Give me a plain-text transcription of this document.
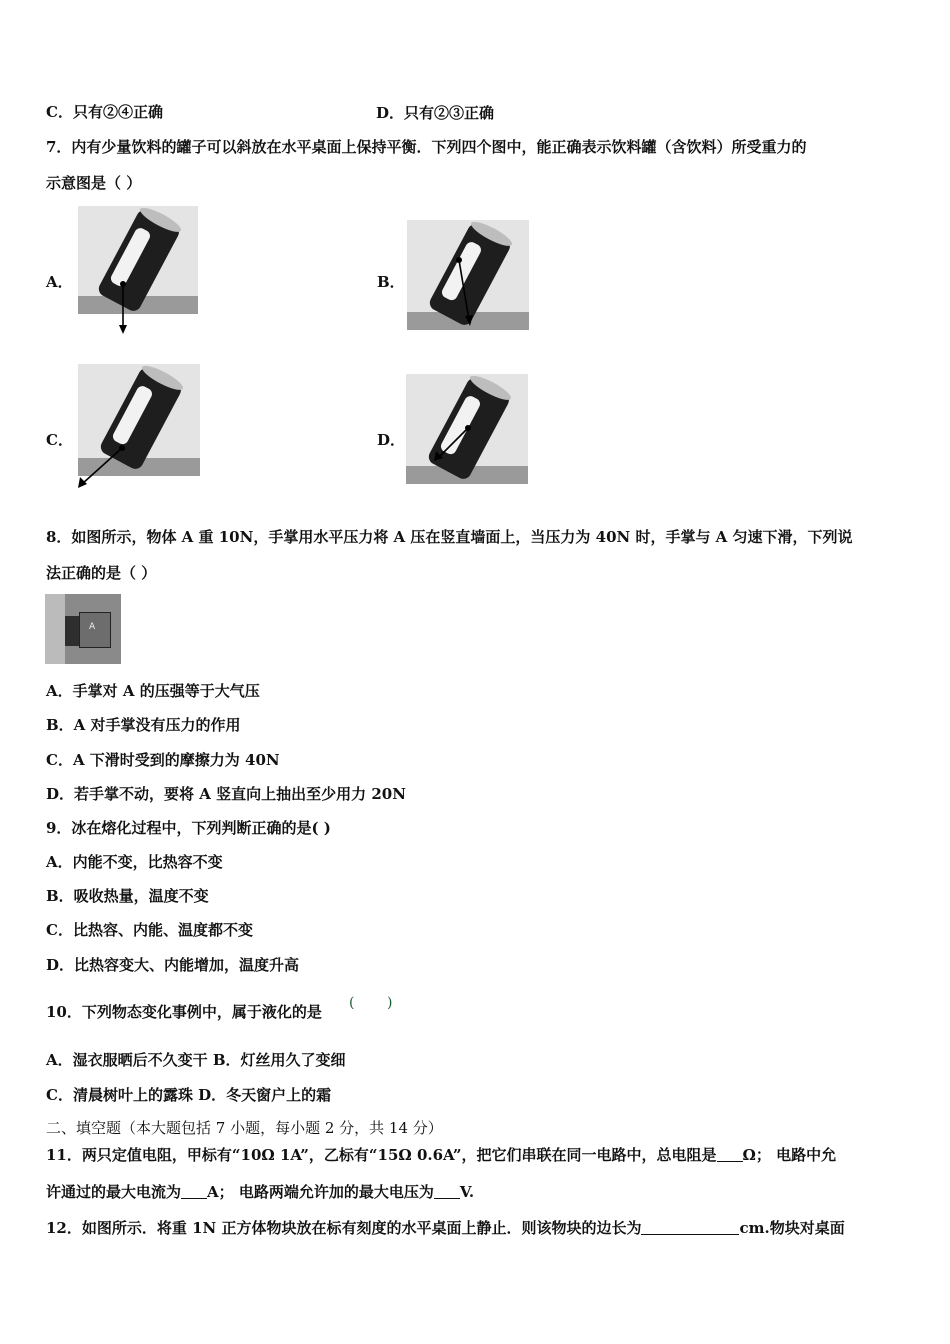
C．只有②④正确	D．只有②③正确
7．内有少量饮料的罐子可以斜放在水平桌面上保持平衡．下列四个图中，能正确表示饮料罐（含饮料）所受重力的
示意图是（ ）
A．	B．
C．	D．
8．如图所示，物体 A 重 10N，手掌用水平压力将 A 压在竖直墙面上，当压力为 40N 时，手掌与 A 匀速下滑，下列说
法正确的是（ ）
A
A．手掌对 A 的压强等于大气压
B．A 对手掌没有压力的作用
C．A 下滑时受到的摩擦力为 40N
D．若手掌不动，要将 A 竖直向上抽出至少用力 20N
9．冰在熔化过程中，下列判断正确的是( )
A．内能不变，比热容不变
B．吸收热量，温度不变
C．比热容、内能、温度都不变
D．比热容变大、内能增加，温度升高
10．下列物态变化事例中，属于液化的是 ( )
A．湿衣服晒后不久变干 B．灯丝用久了变细
C．清晨树叶上的露珠 D．冬天窗户上的霜
二、填空题（本大题包括 7 小题，每小题 2 分，共 14 分）
11．两只定值电阻，甲标有“10Ω 1A”，乙标有“15Ω 0.6A”，把它们串联在同一电路中，总电阻是 Ω； 电路中允
许通过的最大电流为 A； 电路两端允许加的最大电压为 V.
12．如图所示．将重 1N 正方体物块放在标有刻度的水平桌面上静止．则该物块的边长为	cm.物块对桌面
